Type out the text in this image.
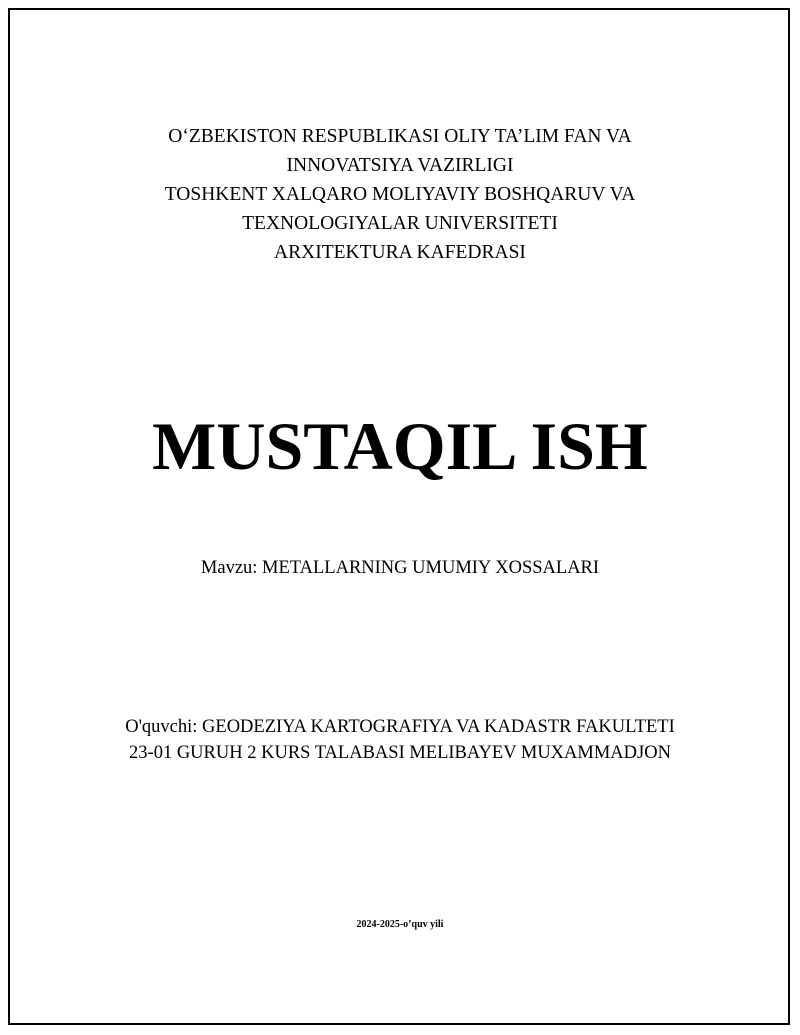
O‘ZBEKISTON RESPUBLIKASI OLIY TA’LIM FAN VA
INNOVATSIYA VAZIRLIGI
TOSHKENT XALQARO MOLIYAVIY BOSHQARUV VA
TEXNOLOGIYALAR UNIVERSITETI
ARXITEKTURA KAFEDRASI
MUSTAQIL ISH
Mavzu: METALLARNING UMUMIY XOSSALARI
O'quvchi: GEODEZIYA KARTOGRAFIYA VA KADASTR FAKULTETI
23-01 GURUH 2 KURS TALABASI MELIBAYEV MUXAMMADJON
2024-2025-o’quv yili
